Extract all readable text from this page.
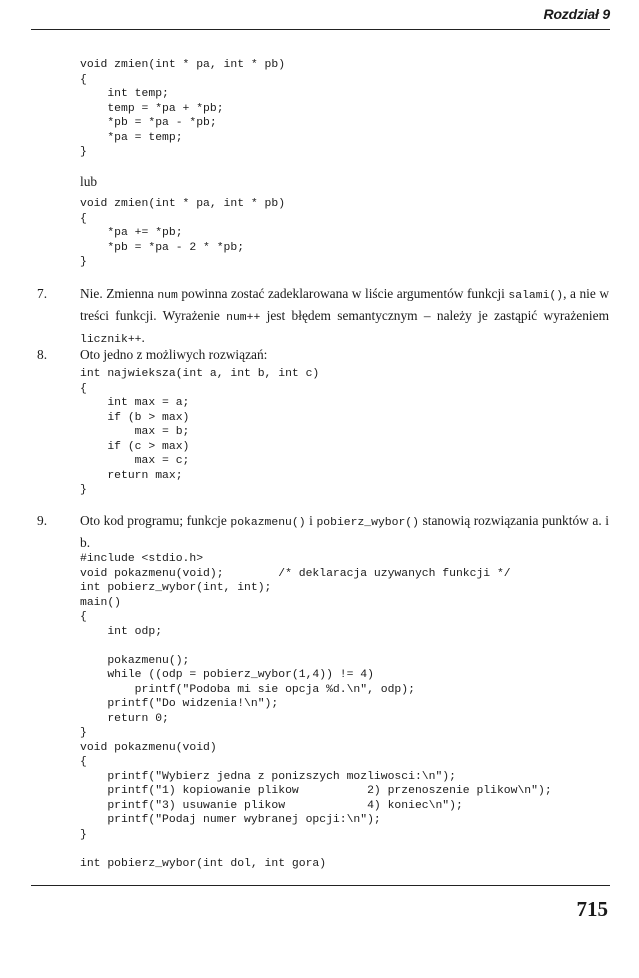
Rozdział 9
void zmien(int * pa, int * pb)
{
int temp;
temp = *pa + *pb;
*pb = *pa - *pb;
*pa = temp;
}
lub
void zmien(int * pa, int * pb)
{
*pa += *pb;
*pb = *pa - 2 * *pb;
}
7. Nie. Zmienna num powinna zostać zadeklarowana w liście argumentów funkcji salami(), a nie w treści funkcji. Wyrażenie num++ jest błędem semantycznym – należy je zastąpić wyrażeniem licznik++.

8. Oto jedno z możliwych rozwiązań:
int najwieksza(int a, int b, int c)
{
int max = a;
if (b > max)
max = b;
if (c > max)
max = c;
return max;
}
9. Oto kod programu; funkcje pokazmenu() i pobierz_wybor() stanowią rozwiązania punktów a. i b.

#include <stdio.h>
void pokazmenu(void);        /* deklaracja uzywanych funkcji */
int pobierz_wybor(int, int);
main()
{
int odp;
pokazmenu();
while ((odp = pobierz_wybor(1,4)) != 4)
printf("Podoba mi sie opcja %d.\n", odp);
printf("Do widzenia!\n");
return 0;
}
void pokazmenu(void)
{
printf("Wybierz jedna z ponizszych mozliwosci:\n");
printf("1) kopiowanie plikow          2) przenoszenie plikow\n");
printf("3) usuwanie plikow            4) koniec\n");
printf("Podaj numer wybranej opcji:\n");
}
int pobierz_wybor(int dol, int gora)
715
